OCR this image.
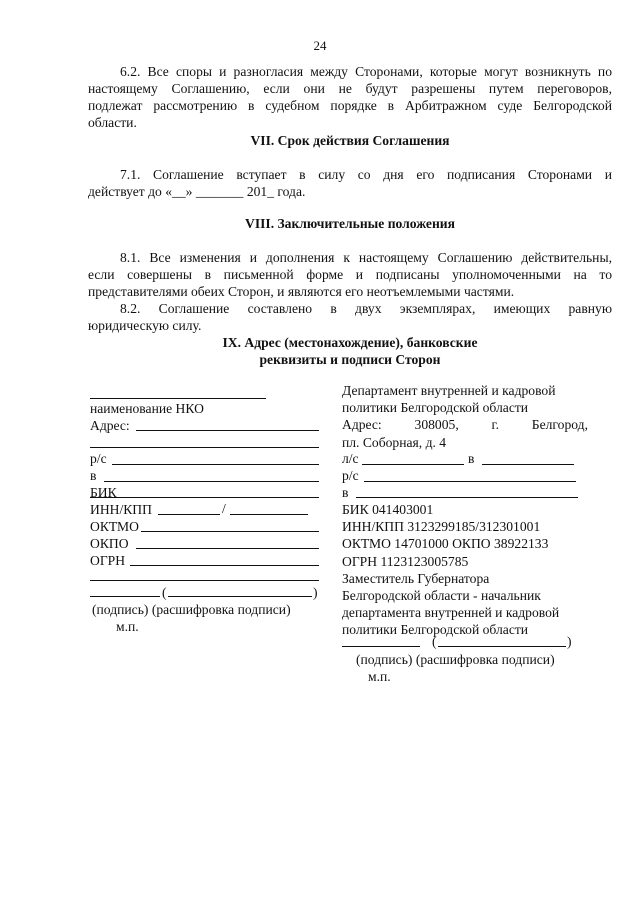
24
6.2. Все споры и разногласия между Сторонами, которые могут возникнуть по
настоящему Соглашению, если они не будут разрешены путем переговоров,
подлежат рассмотрению в судебном порядке в Арбитражном суде Белгородской
области.
VII. Срок действия Соглашения
7.1. Соглашение вступает в силу со дня его подписания Сторонами и
действует до «__» _______ 201_ года.
VIII. Заключительные положения
8.1. Все изменения и дополнения к настоящему Соглашению действительны,
если совершены в письменной форме и подписаны уполномоченными на то
представителями обеих Сторон, и являются его неотъемлемыми частями.
8.2. Соглашение составлено в двух экземплярах, имеющих равную
юридическую силу.
IX. Адрес (местонахождение), банковские
реквизиты и подписи Сторон
наименование НКО
Адрес:
р/с
в
БИК
ИНН/КПП	/
ОКТМО
ОКПО
ОГРН
(	)
(подпись) (расшифровка подписи)
м.п.
Департамент внутренней и кадровой
политики Белгородской области
Адрес: 308005, г. Белгород,
пл. Соборная, д. 4
л/с	в
р/с
в
БИК 041403001
ИНН/КПП 3123299185/312301001
ОКТМО 14701000 ОКПО 38922133
ОГРН 1123123005785
Заместитель Губернатора
Белгородской области - начальник
департамента внутренней и кадровой
политики Белгородской области
(	)
(подпись) (расшифровка подписи)
м.п.
